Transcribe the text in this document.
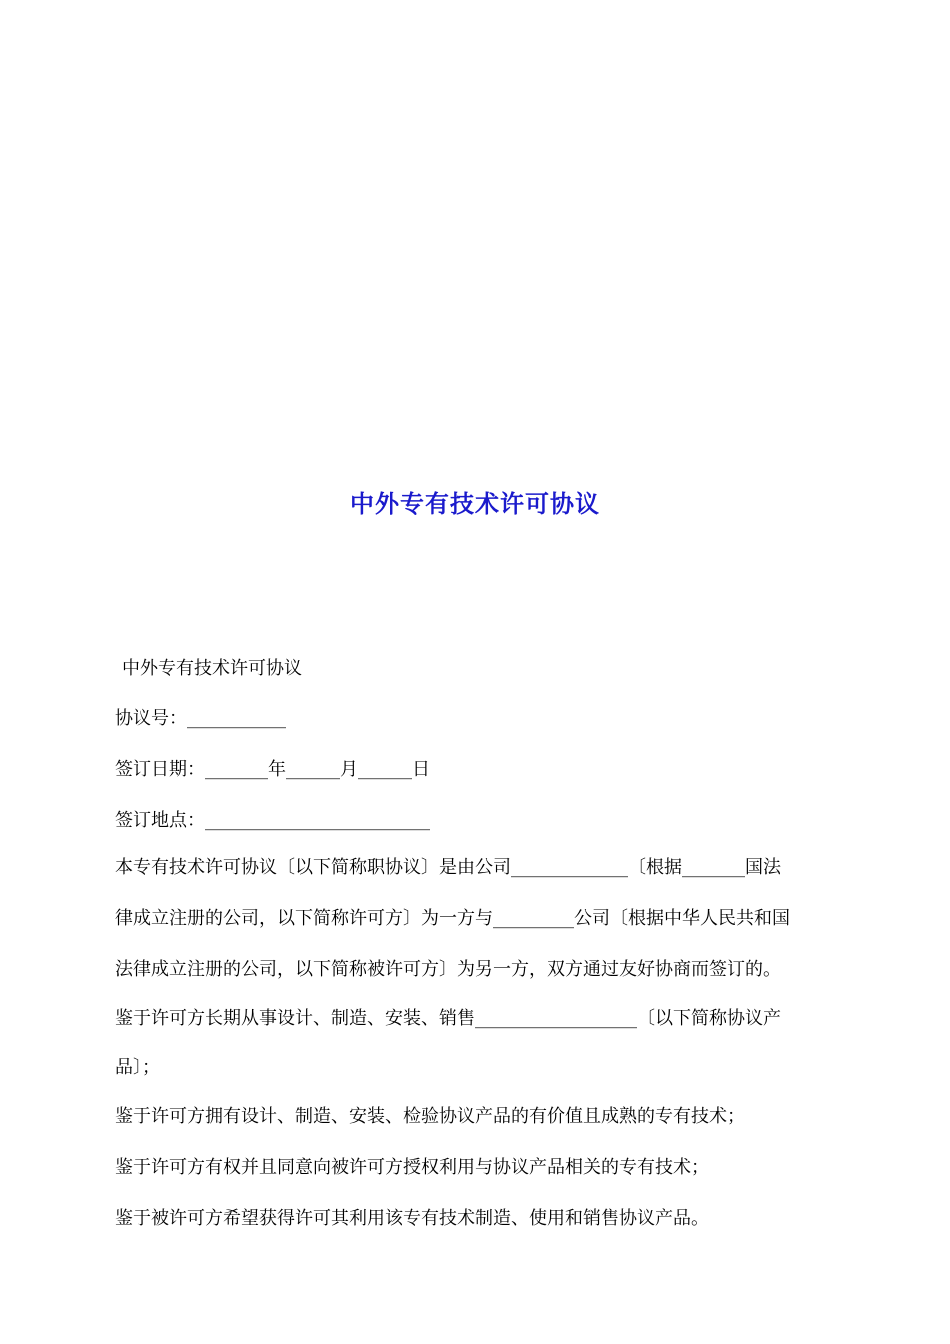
中外专有技术许可协议
中外专有技术许可协议
协议号：___________
签订日期：_______年______月______日
签订地点：_________________________
本专有技术许可协议〔以下简称职协议〕是由公司_____________〔根据_______国法
律成立注册的公司，以下简称许可方〕为一方与_________公司〔根据中华人民共和国
法律成立注册的公司，以下简称被许可方〕为另一方，双方通过友好协商而签订的。
鉴于许可方长期从事设计、制造、安装、销售__________________〔以下简称协议产
品〕；
鉴于许可方拥有设计、制造、安装、检验协议产品的有价值且成熟的专有技术；
鉴于许可方有权并且同意向被许可方授权利用与协议产品相关的专有技术；
鉴于被许可方希望获得许可其利用该专有技术制造、使用和销售协议产品。
